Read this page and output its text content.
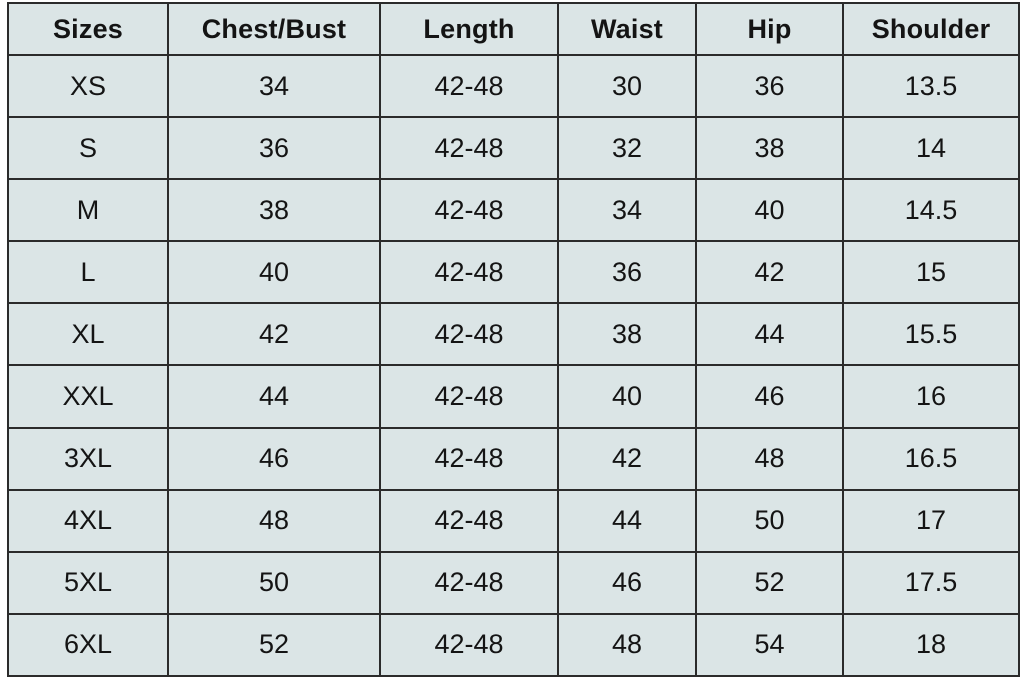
Sizes	Chest/Bust	Length	Waist	Hip	Shoulder
XS	34	42-48	30	36	13.5
S	36	42-48	32	38	14
M	38	42-48	34	40	14.5
L	40	42-48	36	42	15
XL	42	42-48	38	44	15.5
XXL	44	42-48	40	46	16
3XL	46	42-48	42	48	16.5
4XL	48	42-48	44	50	17
5XL	50	42-48	46	52	17.5
6XL	52	42-48	48	54	18
